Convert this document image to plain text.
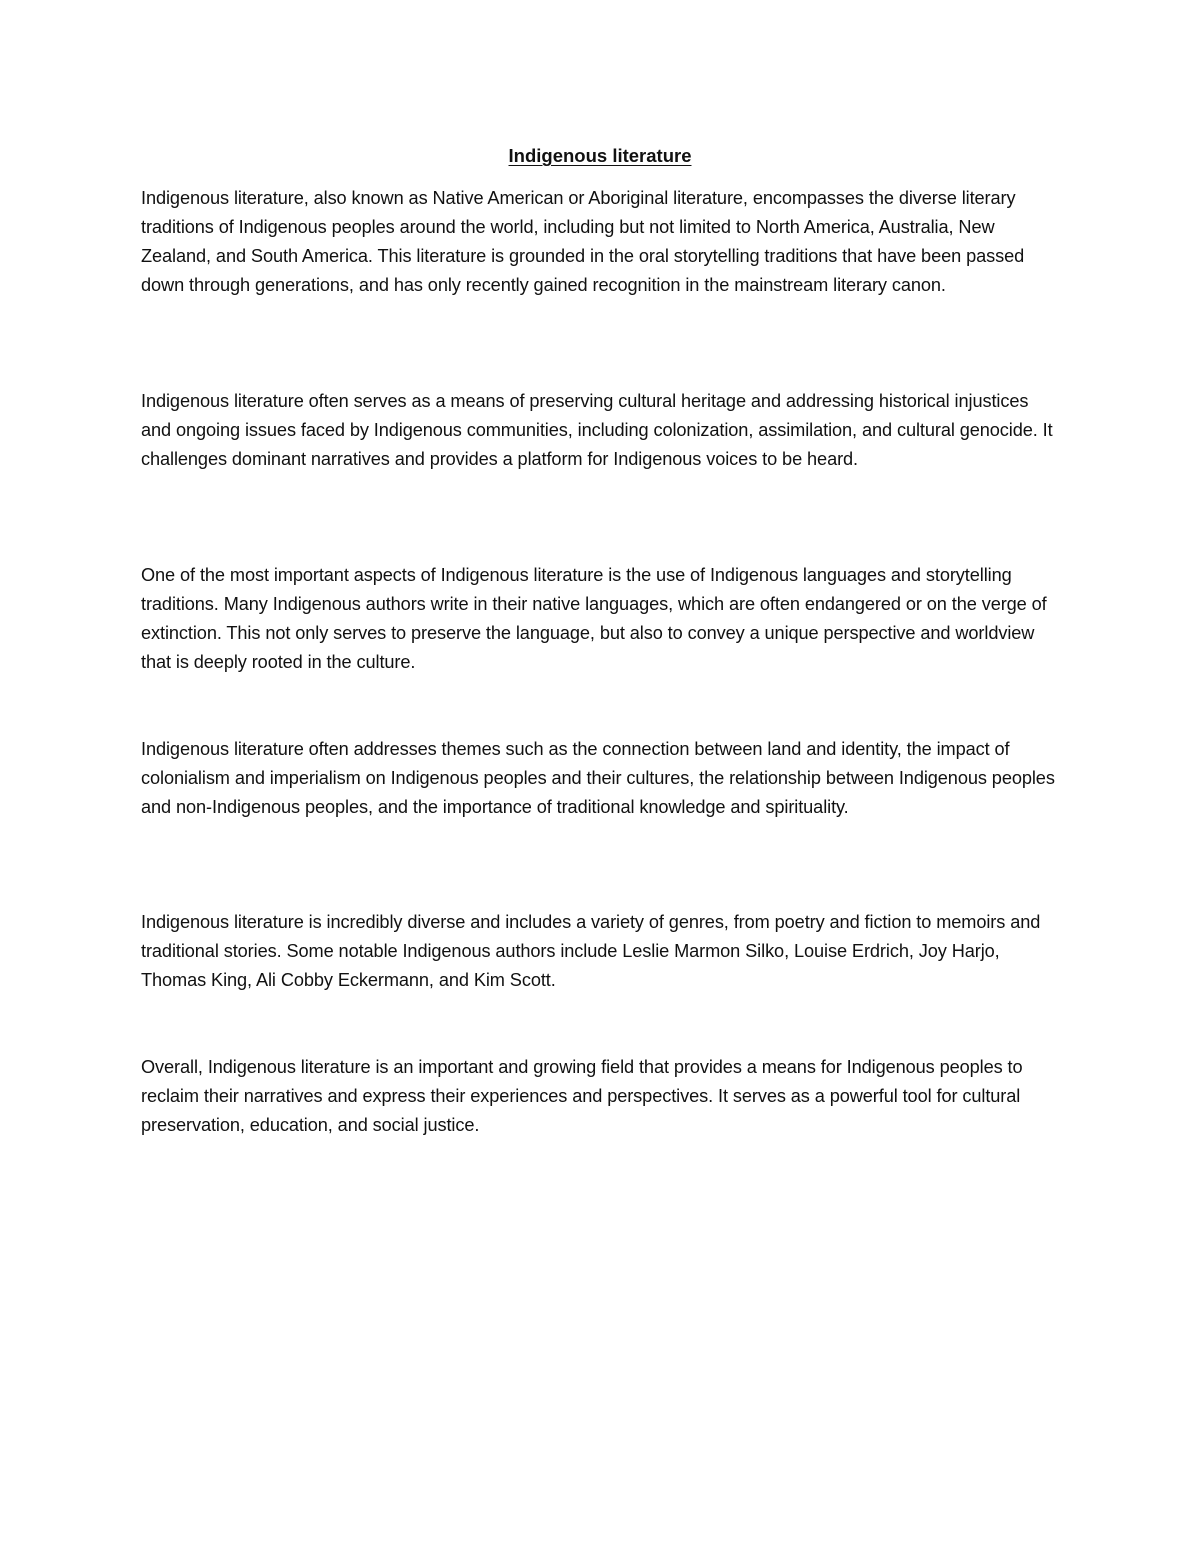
Indigenous literature

Indigenous literature, also known as Native American or Aboriginal literature, encompasses the diverse literary traditions of Indigenous peoples around the world, including but not limited to North America, Australia, New Zealand, and South America. This literature is grounded in the oral storytelling traditions that have been passed down through generations, and has only recently gained recognition in the mainstream literary canon.

Indigenous literature often serves as a means of preserving cultural heritage and addressing historical injustices and ongoing issues faced by Indigenous communities, including colonization, assimilation, and cultural genocide. It challenges dominant narratives and provides a platform for Indigenous voices to be heard.

One of the most important aspects of Indigenous literature is the use of Indigenous languages and storytelling traditions. Many Indigenous authors write in their native languages, which are often endangered or on the verge of extinction. This not only serves to preserve the language, but also to convey a unique perspective and worldview that is deeply rooted in the culture.

Indigenous literature often addresses themes such as the connection between land and identity, the impact of colonialism and imperialism on Indigenous peoples and their cultures, the relationship between Indigenous peoples and non-Indigenous peoples, and the importance of traditional knowledge and spirituality.

Indigenous literature is incredibly diverse and includes a variety of genres, from poetry and fiction to memoirs and traditional stories. Some notable Indigenous authors include Leslie Marmon Silko, Louise Erdrich, Joy Harjo, Thomas King, Ali Cobby Eckermann, and Kim Scott.

Overall, Indigenous literature is an important and growing field that provides a means for Indigenous peoples to reclaim their narratives and express their experiences and perspectives. It serves as a powerful tool for cultural preservation, education, and social justice.
